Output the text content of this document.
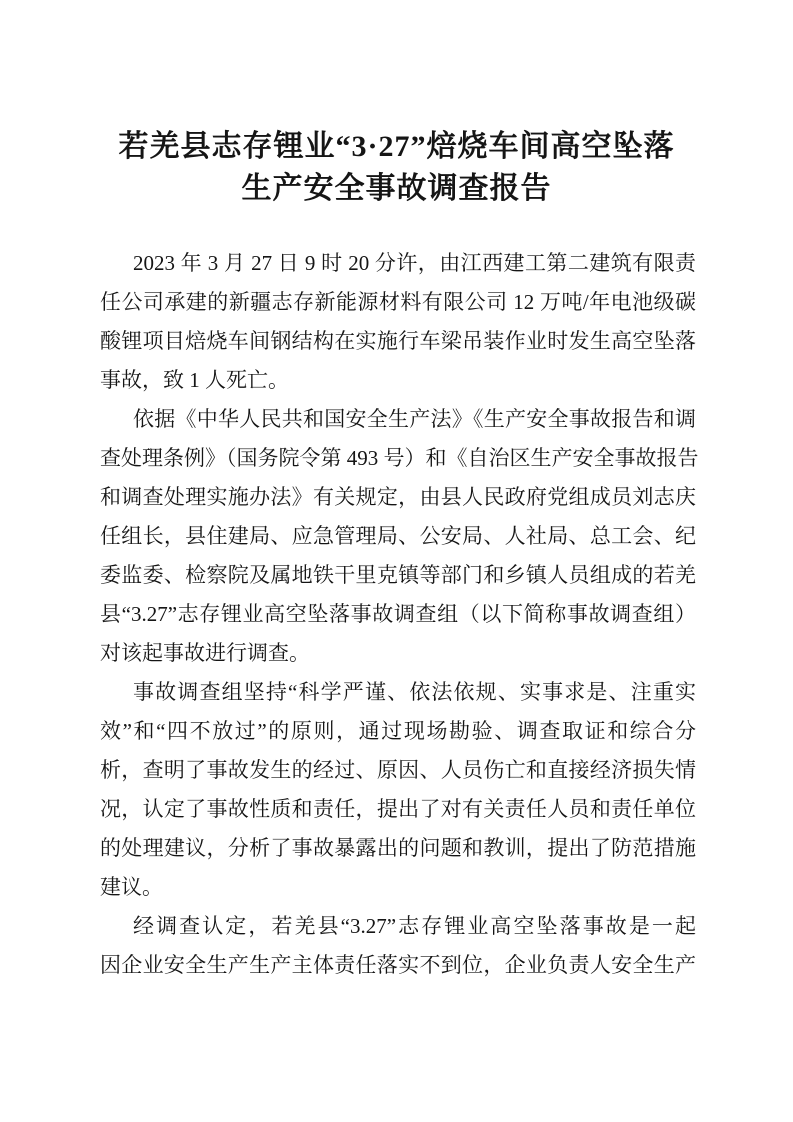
若羌县志存锂业“3·27”焙烧车间高空坠落
生产安全事故调查报告
2023 年 3 月 27 日 9 时 20 分许，由江西建工第二建筑有限责
任公司承建的新疆志存新能源材料有限公司 12 万吨/年电池级碳
酸锂项目焙烧车间钢结构在实施行车梁吊装作业时发生高空坠落
事故，致 1 人死亡。
依据《中华人民共和国安全生产法》《生产安全事故报告和调
查处理条例》（国务院令第 493 号）和《自治区生产安全事故报告
和调查处理实施办法》有关规定，由县人民政府党组成员刘志庆
任组长，县住建局、应急管理局、公安局、人社局、总工会、纪
委监委、检察院及属地铁干里克镇等部门和乡镇人员组成的若羌
县“3.27”志存锂业高空坠落事故调查组（以下简称事故调查组）
对该起事故进行调查。
事故调查组坚持“科学严谨、依法依规、实事求是、注重实
效”和“四不放过”的原则，通过现场勘验、调查取证和综合分
析，查明了事故发生的经过、原因、人员伤亡和直接经济损失情
况，认定了事故性质和责任，提出了对有关责任人员和责任单位
的处理建议，分析了事故暴露出的问题和教训，提出了防范措施
建议。
经调查认定，若羌县“3.27”志存锂业高空坠落事故是一起
因企业安全生产生产主体责任落实不到位，企业负责人安全生产
